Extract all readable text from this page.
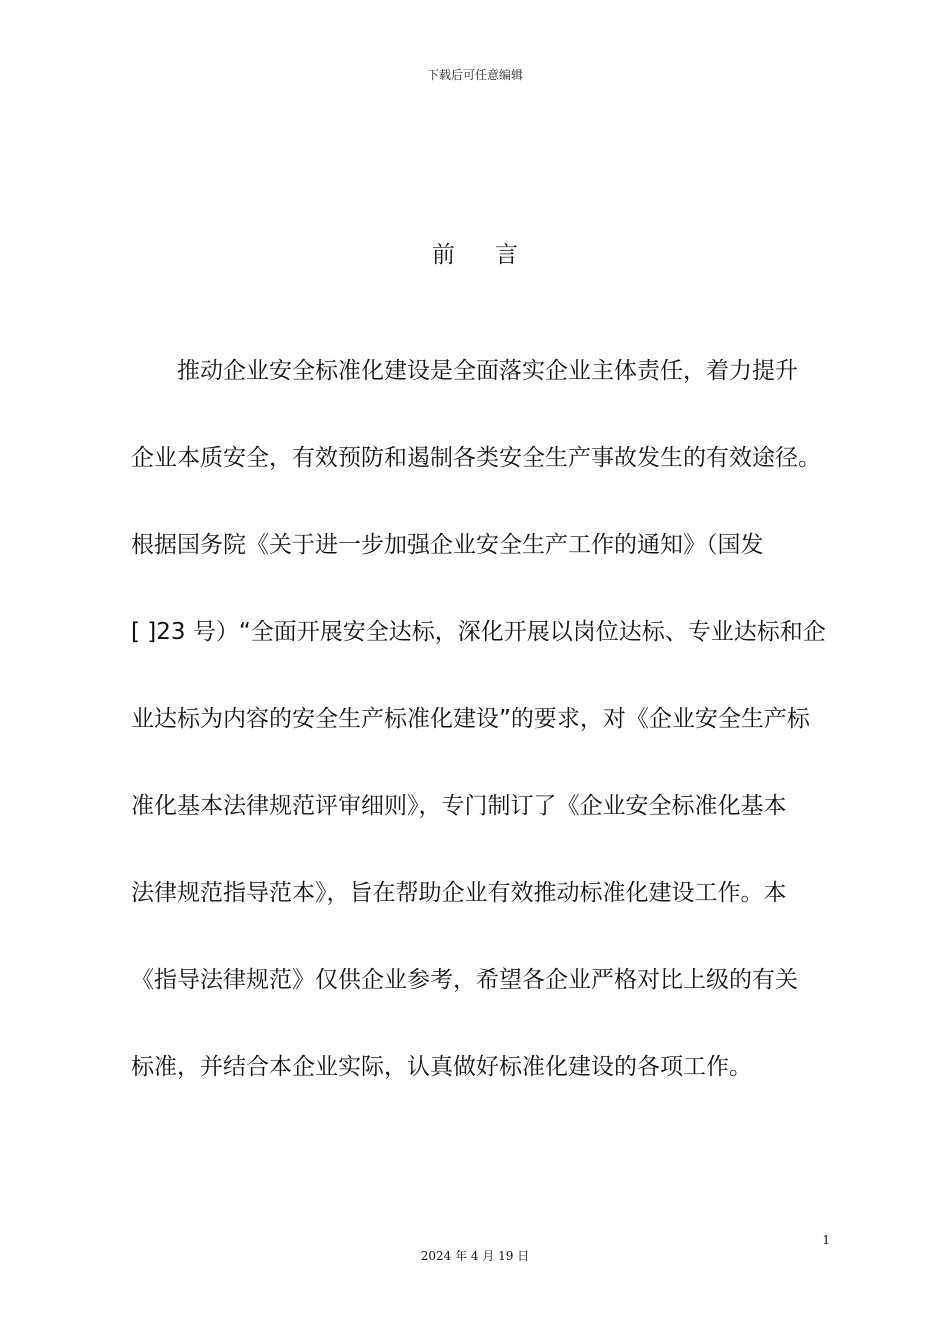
下载后可任意编辑
前 言
推动企业安全标准化建设是全面落实企业主体责任，着力提升
企业本质安全，有效预防和遏制各类安全生产事故发生的有效途径。
根据国务院《关于进一步加强企业安全生产工作的通知》（国发
[ ]23 号）“全面开展安全达标，深化开展以岗位达标、专业达标和企
业达标为内容的安全生产标准化建设”的要求，对《企业安全生产标
准化基本法律规范评审细则》，专门制订了《企业安全标准化基本
法律规范指导范本》，旨在帮助企业有效推动标准化建设工作。本
《指导法律规范》仅供企业参考，希望各企业严格对比上级的有关
标准，并结合本企业实际，认真做好标准化建设的各项工作。
1
2024 年 4 月 19 日
